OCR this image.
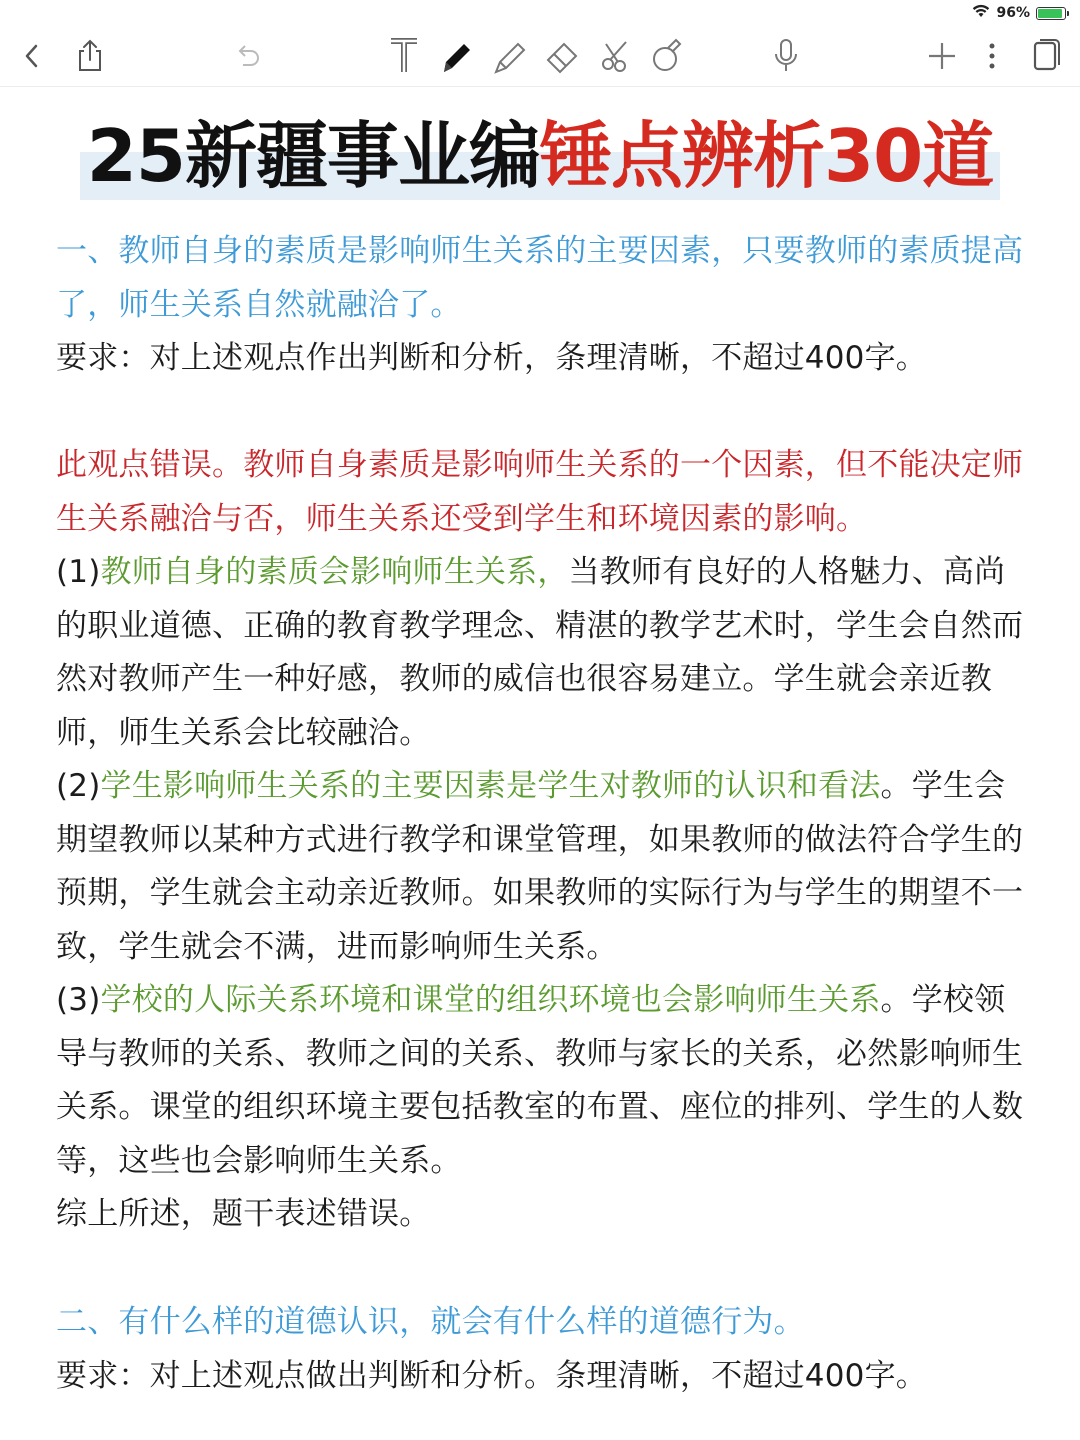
96%
25新疆事业编锤点辨析30道

一、教师自身的素质是影响师生关系的主要因素，只要教师的素质提高了，师生关系自然就融洽了。

要求：对上述观点作出判断和分析，条理清晰，不超过400字。

此观点错误。教师自身素质是影响师生关系的一个因素，但不能决定师生关系融洽与否，师生关系还受到学生和环境因素的影响。

(1)教师自身的素质会影响师生关系，当教师有良好的人格魅力、高尚的职业道德、正确的教育教学理念、精湛的教学艺术时，学生会自然而然对教师产生一种好感，教师的威信也很容易建立。学生就会亲近教师，师生关系会比较融洽。

(2)学生影响师生关系的主要因素是学生对教师的认识和看法。学生会期望教师以某种方式进行教学和课堂管理，如果教师的做法符合学生的预期，学生就会主动亲近教师。如果教师的实际行为与学生的期望不一致，学生就会不满，进而影响师生关系。

(3)学校的人际关系环境和课堂的组织环境也会影响师生关系。学校领导与教师的关系、教师之间的关系、教师与家长的关系，必然影响师生关系。课堂的组织环境主要包括教室的布置、座位的排列、学生的人数等，这些也会影响师生关系。

综上所述，题干表述错误。

二、有什么样的道德认识，就会有什么样的道德行为。

要求：对上述观点做出判断和分析。条理清晰，不超过400字。
